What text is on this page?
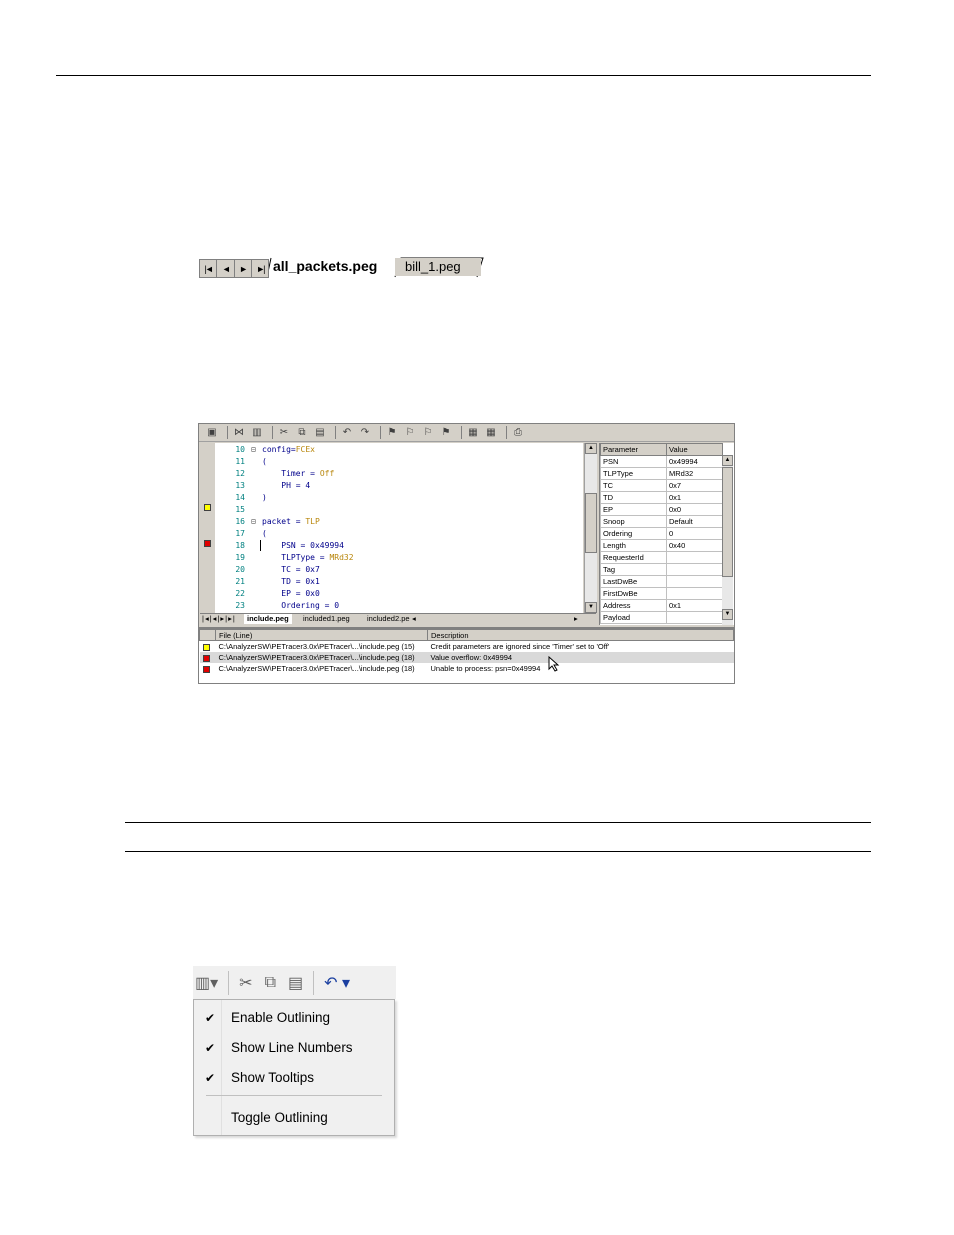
|◄	◄	►	►| all_packets.peg	bill_1.peg
▣ ⋈ ▥ ✂	⧉ ▤ ↶ ↷ ⚑ ⚐ ⚐ ⚑ ▦ ▦	⎙
10 ⊟ config=FCEx
11 (
12	Timer = Off
13	PH = 4
14 )
15
16 ⊟ packet = TLP
17 (
18	PSN = 0x49994
19	TLPType = MRd32
20	TC = 0x7
21	TD = 0x1
22	EP = 0x0
23	Ordering = 0
▲
▼
|◂|◂|▸|▸|	include.peg	included1.peg	included2.pe ◂	▸
Parameter	Value
PSN	0x49994
TLPType	MRd32
TC	0x7
TD	0x1
EP	0x0
Snoop	Default
Ordering	0
Length	0x40
RequesterId	
Tag	
LastDwBe	
FirstDwBe	
Address	0x1
Payload	
▲
▼
	File (Line)	Description
	C:\AnalyzerSW\PETracer3.0x\PETracer\...\include.peg (15)	Credit parameters are ignored since 'Timer' set to 'Off'
	C:\AnalyzerSW\PETracer3.0x\PETracer\...\include.peg (18)	Value overflow: 0x49994
	C:\AnalyzerSW\PETracer3.0x\PETracer\...\include.peg (18)	Unable to process: psn=0x49994
▥▾ ✂ ⧉ ▤ ↶ ▾
✔ Enable Outlining
✔ Show Line Numbers
✔ Show Tooltips
Toggle Outlining
